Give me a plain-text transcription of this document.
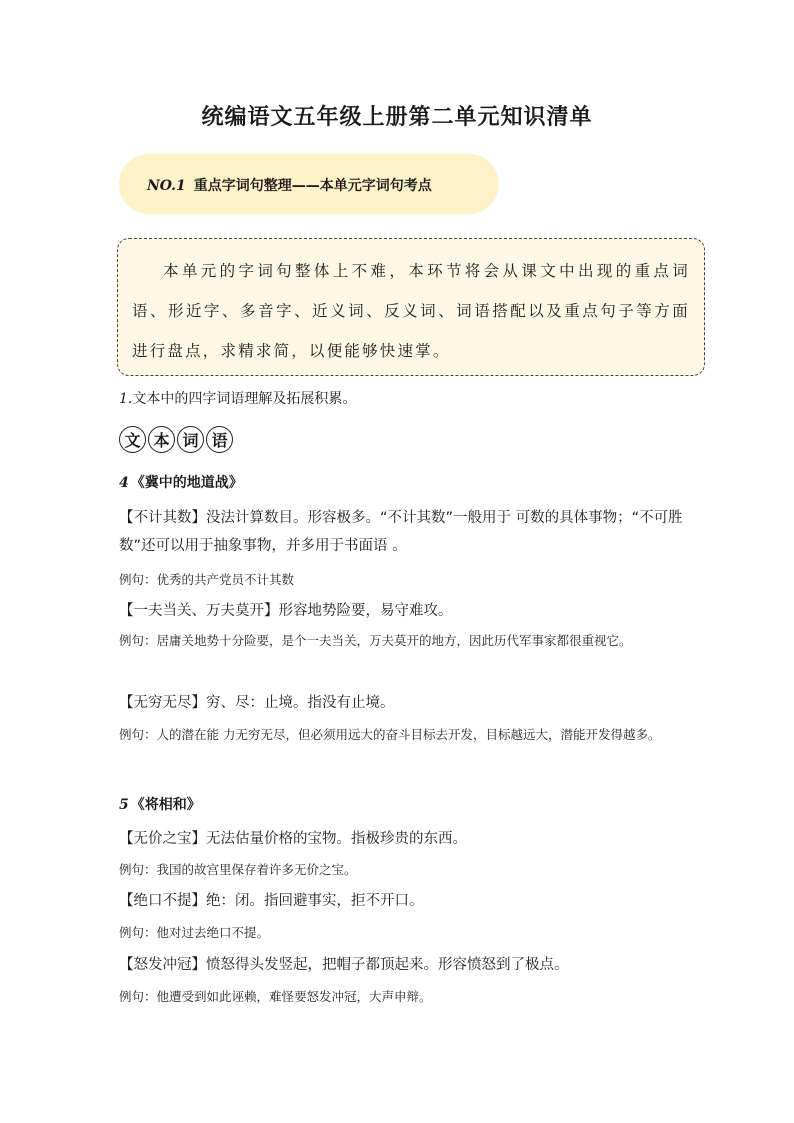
统编语文五年级上册第二单元知识清单
NO.1 重点字词句整理——本单元字词句考点

本单元的字词句整体上不难，本环节将会从课文中出现的重点词语、形近字、多音字、近义词、反义词、词语搭配以及重点句子等方面进行盘点，求精求简，以便能够快速掌。

1.文本中的四字词语理解及拓展积累。
文 本 词 语
4 《冀中的地道战》
【不计其数】没法计算数目。形容极多。“不计其数”一般用于 可数的具体事物；“不可胜数”还可以用于抽象事物，并多用于书面语 。
例句：优秀的共产党员不计其数
【一夫当关、万夫莫开】形容地势险要，易守难攻。
例句：居庸关地势十分险要，是个一夫当关，万夫莫开的地方，因此历代军事家都很重视它。
【无穷无尽】穷、尽：止境。指没有止境。
例句：人的潜在能 力无穷无尽，但必须用远大的奋斗目标去开发，目标越远大，潜能开发得越多。
5 《将相和》
【无价之宝】无法估量价格的宝物。指极珍贵的东西。
例句：我国的故宫里保存着许多无价之宝。
【绝口不提】绝：闭。指回避事实，拒不开口。
例句：他对过去绝口不提。
【怒发冲冠】愤怒得头发竖起，把帽子都顶起来。形容愤怒到了极点。
例句：他遭受到如此诬赖，难怪要怒发冲冠，大声申辩。
